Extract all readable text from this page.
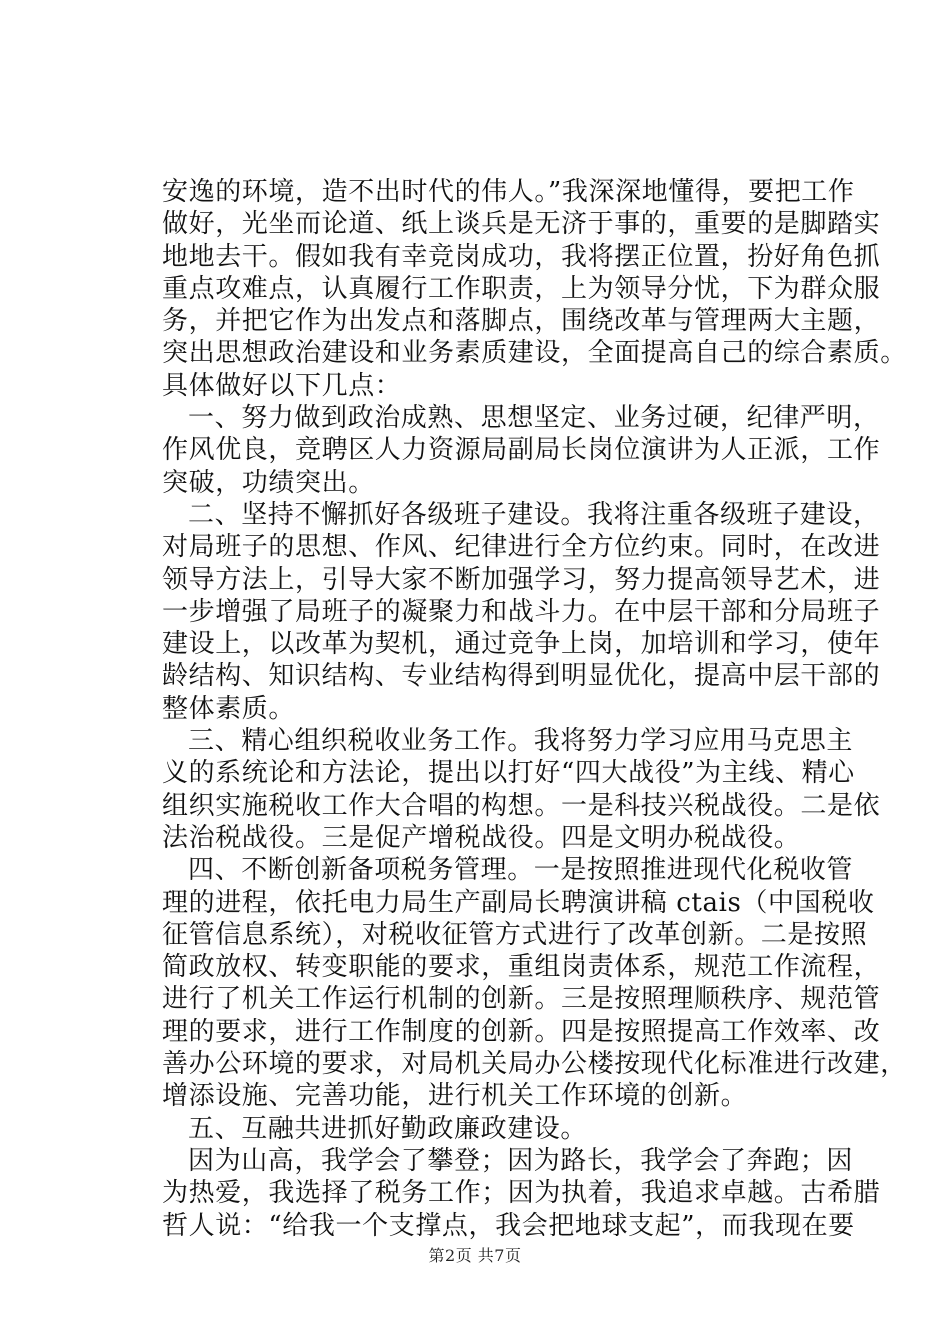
安逸的环境，造不出时代的伟人。”我深深地懂得，要把工作
做好，光坐而论道、纸上谈兵是无济于事的，重要的是脚踏实
地地去干。假如我有幸竞岗成功，我将摆正位置，扮好角色抓
重点攻难点，认真履行工作职责，上为领导分忧，下为群众服
务，并把它作为出发点和落脚点，围绕改革与管理两大主题，
突出思想政治建设和业务素质建设，全面提高自己的综合素质。
具体做好以下几点：
一、努力做到政治成熟、思想坚定、业务过硬，纪律严明，
作风优良，竞聘区人力资源局副局长岗位演讲为人正派，工作
突破，功绩突出。
二、坚持不懈抓好各级班子建设。我将注重各级班子建设，
对局班子的思想、作风、纪律进行全方位约束。同时，在改进
领导方法上，引导大家不断加强学习，努力提高领导艺术，进
一步增强了局班子的凝聚力和战斗力。在中层干部和分局班子
建设上，以改革为契机，通过竞争上岗，加培训和学习，使年
龄结构、知识结构、专业结构得到明显优化，提高中层干部的
整体素质。
三、精心组织税收业务工作。我将努力学习应用马克思主
义的系统论和方法论，提出以打好“四大战役”为主线、精心
组织实施税收工作大合唱的构想。一是科技兴税战役。二是依
法治税战役。三是促产增税战役。四是文明办税战役。
四、不断创新备项税务管理。一是按照推进现代化税收管
理的进程，依托电力局生产副局长聘演讲稿 ctais（中国税收
征管信息系统），对税收征管方式进行了改革创新。二是按照
简政放权、转变职能的要求，重组岗责体系，规范工作流程，
进行了机关工作运行机制的创新。三是按照理顺秩序、规范管
理的要求，进行工作制度的创新。四是按照提高工作效率、改
善办公环境的要求，对局机关局办公楼按现代化标准进行改建，
增添设施、完善功能，进行机关工作环境的创新。
五、互融共进抓好勤政廉政建设。
因为山高，我学会了攀登；因为路长，我学会了奔跑；因
为热爱，我选择了税务工作；因为执着，我追求卓越。古希腊
哲人说：“给我一个支撑点，我会把地球支起”，而我现在要
第2页 共7页
